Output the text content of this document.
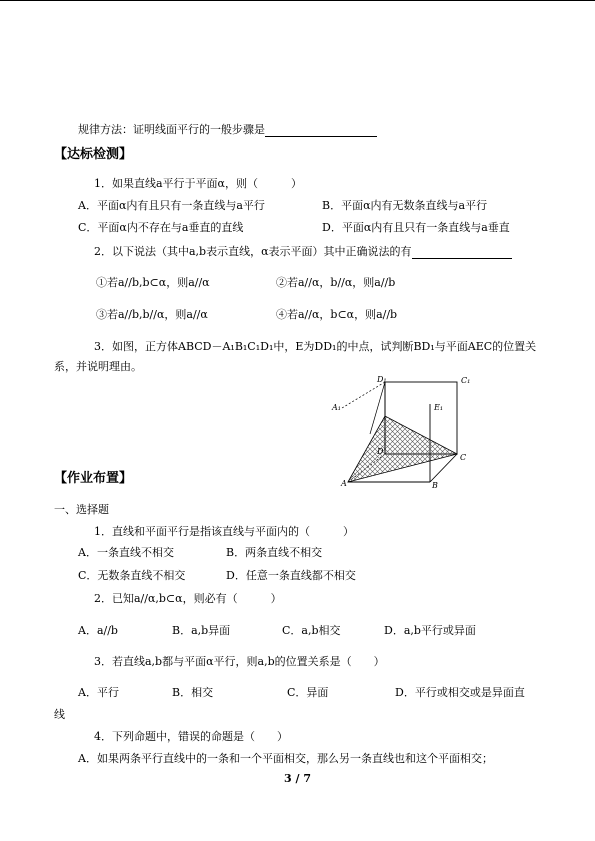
规律方法：证明线面平行的一般步骤是
【达标检测】
1．如果直线a平行于平面α，则（　　　）
A．平面α内有且只有一条直线与a平行	B．平面α内有无数条直线与a平行
C．平面α内不存在与a垂直的直线	D．平面α内有且只有一条直线与a垂直
2．以下说法（其中a,b表示直线，α表示平面）其中正确说法的有
①若a//b,b⊂α，则a//α	②若a//α，b//α，则a//b
③若a//b,b//α，则a//α	④若a//α，b⊂α，则a//b
3．如图，正方体ABCD－A₁B₁C₁D₁中，E为DD₁的中点，试判断BD₁与平面AEC的位置关
系，并说明理由。
D₁	C₁
A₁	E₁
D
C
A	B
【作业布置】
一、选择题
1．直线和平面平行是指该直线与平面内的（　　　）
A．一条直线不相交	B．两条直线不相交
C．无数条直线不相交	D．任意一条直线都不相交
2．已知a//α,b⊂α，则必有（　　　）
A．a//b	B．a,b异面	C．a,b相交	D．a,b平行或异面
3．若直线a,b都与平面α平行，则a,b的位置关系是（　　）
A．平行	B．相交	C．异面	D．平行或相交或是异面直
线
4．下列命题中，错误的命题是（　　）
A．如果两条平行直线中的一条和一个平面相交，那么另一条直线也和这个平面相交；
3 / 7
